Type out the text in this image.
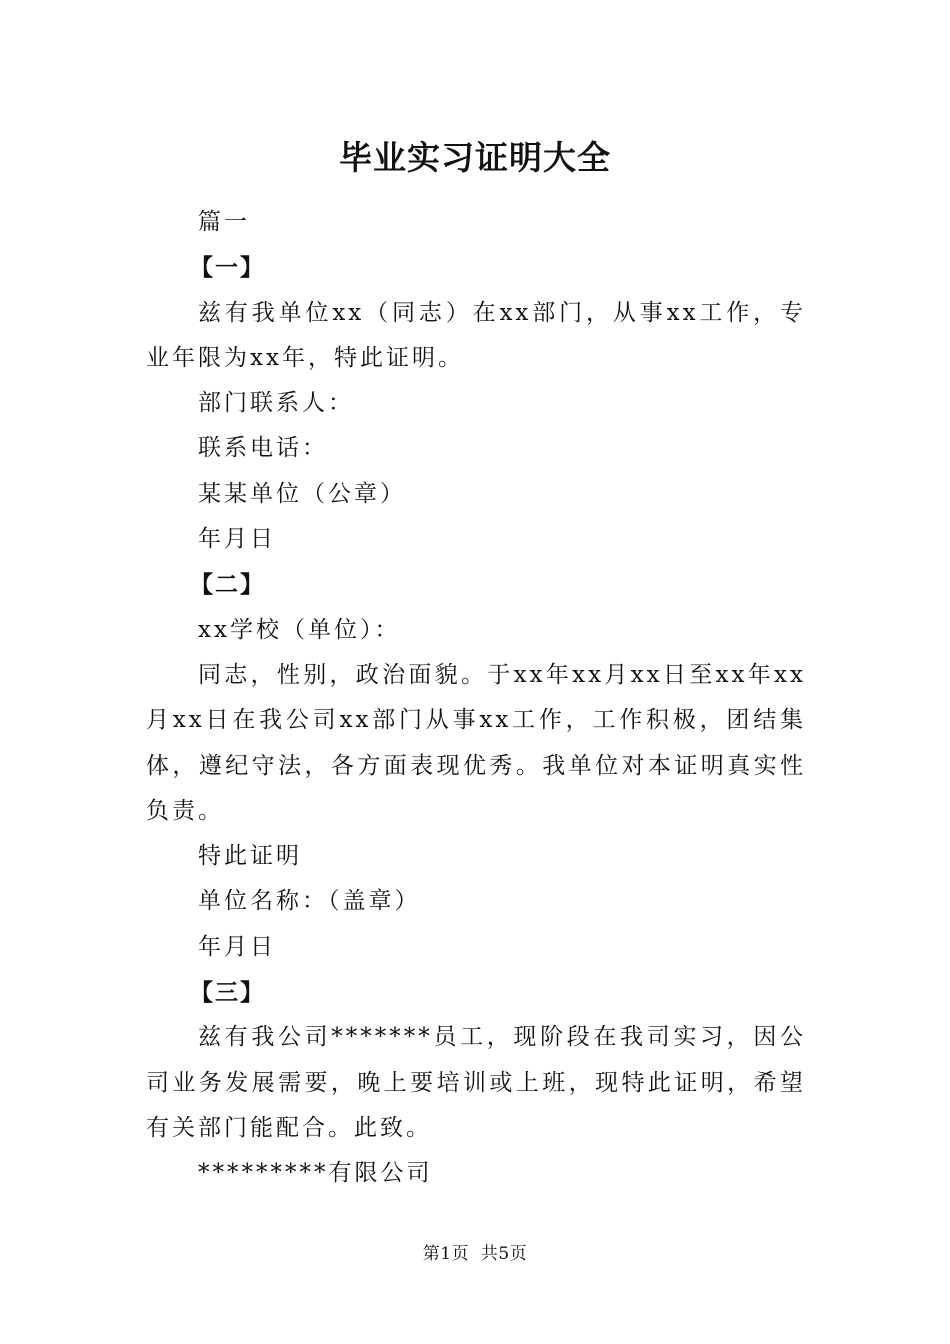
毕业实习证明大全

篇一

【一】

兹有我单位xx（同志）在xx部门，从事xx工作，专业年限为xx年，特此证明。

部门联系人：

联系电话：

某某单位（公章）

年月日

【二】

xx学校（单位）：

同志，性别，政治面貌。于xx年xx月xx日至xx年xx月xx日在我公司xx部门从事xx工作，工作积极，团结集体，遵纪守法，各方面表现优秀。我单位对本证明真实性负责。

特此证明

单位名称：（盖章）

年月日

【三】

兹有我公司*******员工，现阶段在我司实习，因公司业务发展需要，晚上要培训或上班，现特此证明，希望有关部门能配合。此致。

*********有限公司

第1页  共5页
